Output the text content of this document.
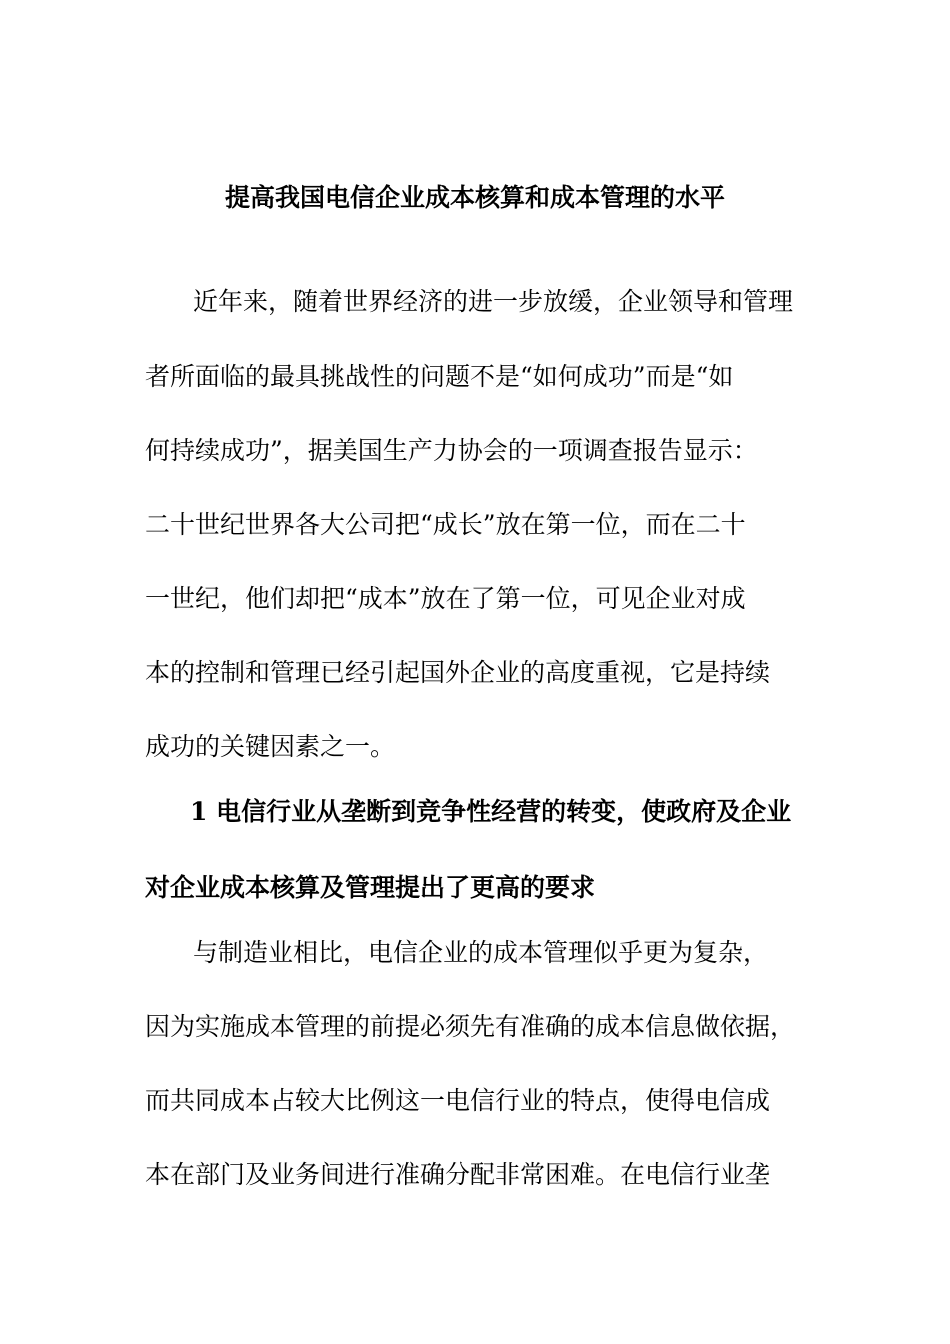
提高我国电信企业成本核算和成本管理的水平
近年来，随着世界经济的进一步放缓，企业领导和管理
者所面临的最具挑战性的问题不是“如何成功”而是“如
何持续成功”，据美国生产力协会的一项调查报告显示：
二十世纪世界各大公司把“成长”放在第一位，而在二十
一世纪，他们却把“成本”放在了第一位，可见企业对成
本的控制和管理已经引起国外企业的高度重视，它是持续
成功的关键因素之一。
1 电信行业从垄断到竞争性经营的转变，使政府及企业
对企业成本核算及管理提出了更高的要求
与制造业相比，电信企业的成本管理似乎更为复杂，
因为实施成本管理的前提必须先有准确的成本信息做依据，
而共同成本占较大比例这一电信行业的特点，使得电信成
本在部门及业务间进行准确分配非常困难。在电信行业垄
